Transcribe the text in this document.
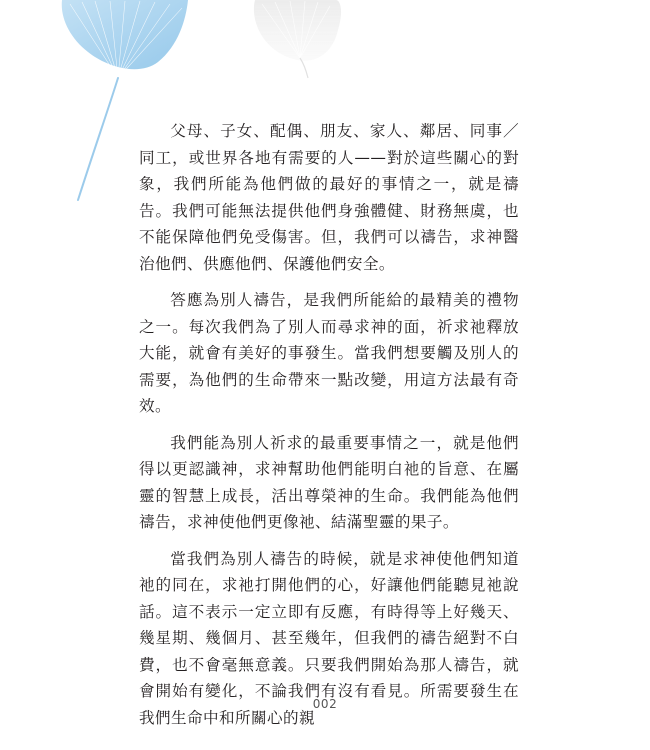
父母、子女、配偶、朋友、家人、鄰居、同事／同工，或世界各地有需要的人——對於這些關心的對象，我們所能為他們做的最好的事情之一，就是禱告。我們可能無法提供他們身強體健、財務無虞，也不能保障他們免受傷害。但，我們可以禱告，求神醫治他們、供應他們、保護他們安全。

答應為別人禱告，是我們所能給的最精美的禮物之一。每次我們為了別人而尋求神的面，祈求祂釋放大能，就會有美好的事發生。當我們想要觸及別人的需要，為他們的生命帶來一點改變，用這方法最有奇效。

我們能為別人祈求的最重要事情之一，就是他們得以更認識神，求神幫助他們能明白祂的旨意、在屬靈的智慧上成長，活出尊榮神的生命。我們能為他們禱告，求神使他們更像祂、結滿聖靈的果子。

當我們為別人禱告的時候，就是求神使他們知道祂的同在，求祂打開他們的心，好讓他們能聽見祂說話。這不表示一定立即有反應，有時得等上好幾天、幾星期、幾個月、甚至幾年，但我們的禱告絕對不白費，也不會毫無意義。只要我們開始為那人禱告，就會開始有變化，不論我們有沒有看見。所需要發生在我們生命中和所關心的親

002
